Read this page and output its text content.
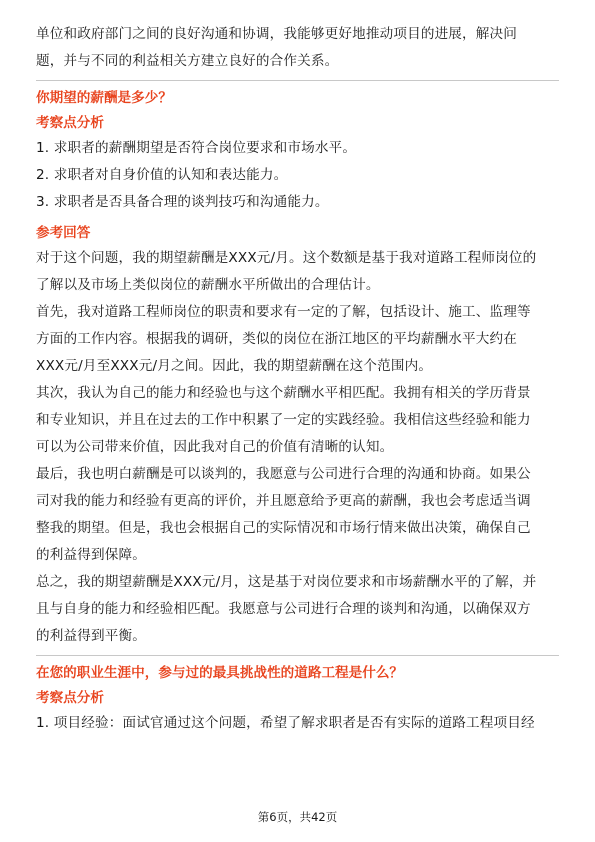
单位和政府部门之间的良好沟通和协调，我能够更好地推动项目的进展，解决问

题，并与不同的利益相关方建立良好的合作关系。

你期望的薪酬是多少？

考察点分析

1. 求职者的薪酬期望是否符合岗位要求和市场水平。

2. 求职者对自身价值的认知和表达能力。

3. 求职者是否具备合理的谈判技巧和沟通能力。

参考回答

对于这个问题，我的期望薪酬是XXX元/月。这个数额是基于我对道路工程师岗位的

了解以及市场上类似岗位的薪酬水平所做出的合理估计。

首先，我对道路工程师岗位的职责和要求有一定的了解，包括设计、施工、监理等

方面的工作内容。根据我的调研，类似的岗位在浙江地区的平均薪酬水平大约在

XXX元/月至XXX元/月之间。因此，我的期望薪酬在这个范围内。

其次，我认为自己的能力和经验也与这个薪酬水平相匹配。我拥有相关的学历背景

和专业知识，并且在过去的工作中积累了一定的实践经验。我相信这些经验和能力

可以为公司带来价值，因此我对自己的价值有清晰的认知。

最后，我也明白薪酬是可以谈判的，我愿意与公司进行合理的沟通和协商。如果公

司对我的能力和经验有更高的评价，并且愿意给予更高的薪酬，我也会考虑适当调

整我的期望。但是，我也会根据自己的实际情况和市场行情来做出决策，确保自己

的利益得到保障。

总之，我的期望薪酬是XXX元/月，这是基于对岗位要求和市场薪酬水平的了解，并

且与自身的能力和经验相匹配。我愿意与公司进行合理的谈判和沟通，以确保双方

的利益得到平衡。

在您的职业生涯中，参与过的最具挑战性的道路工程是什么？

考察点分析

1. 项目经验：面试官通过这个问题，希望了解求职者是否有实际的道路工程项目经

第6页，共42页
